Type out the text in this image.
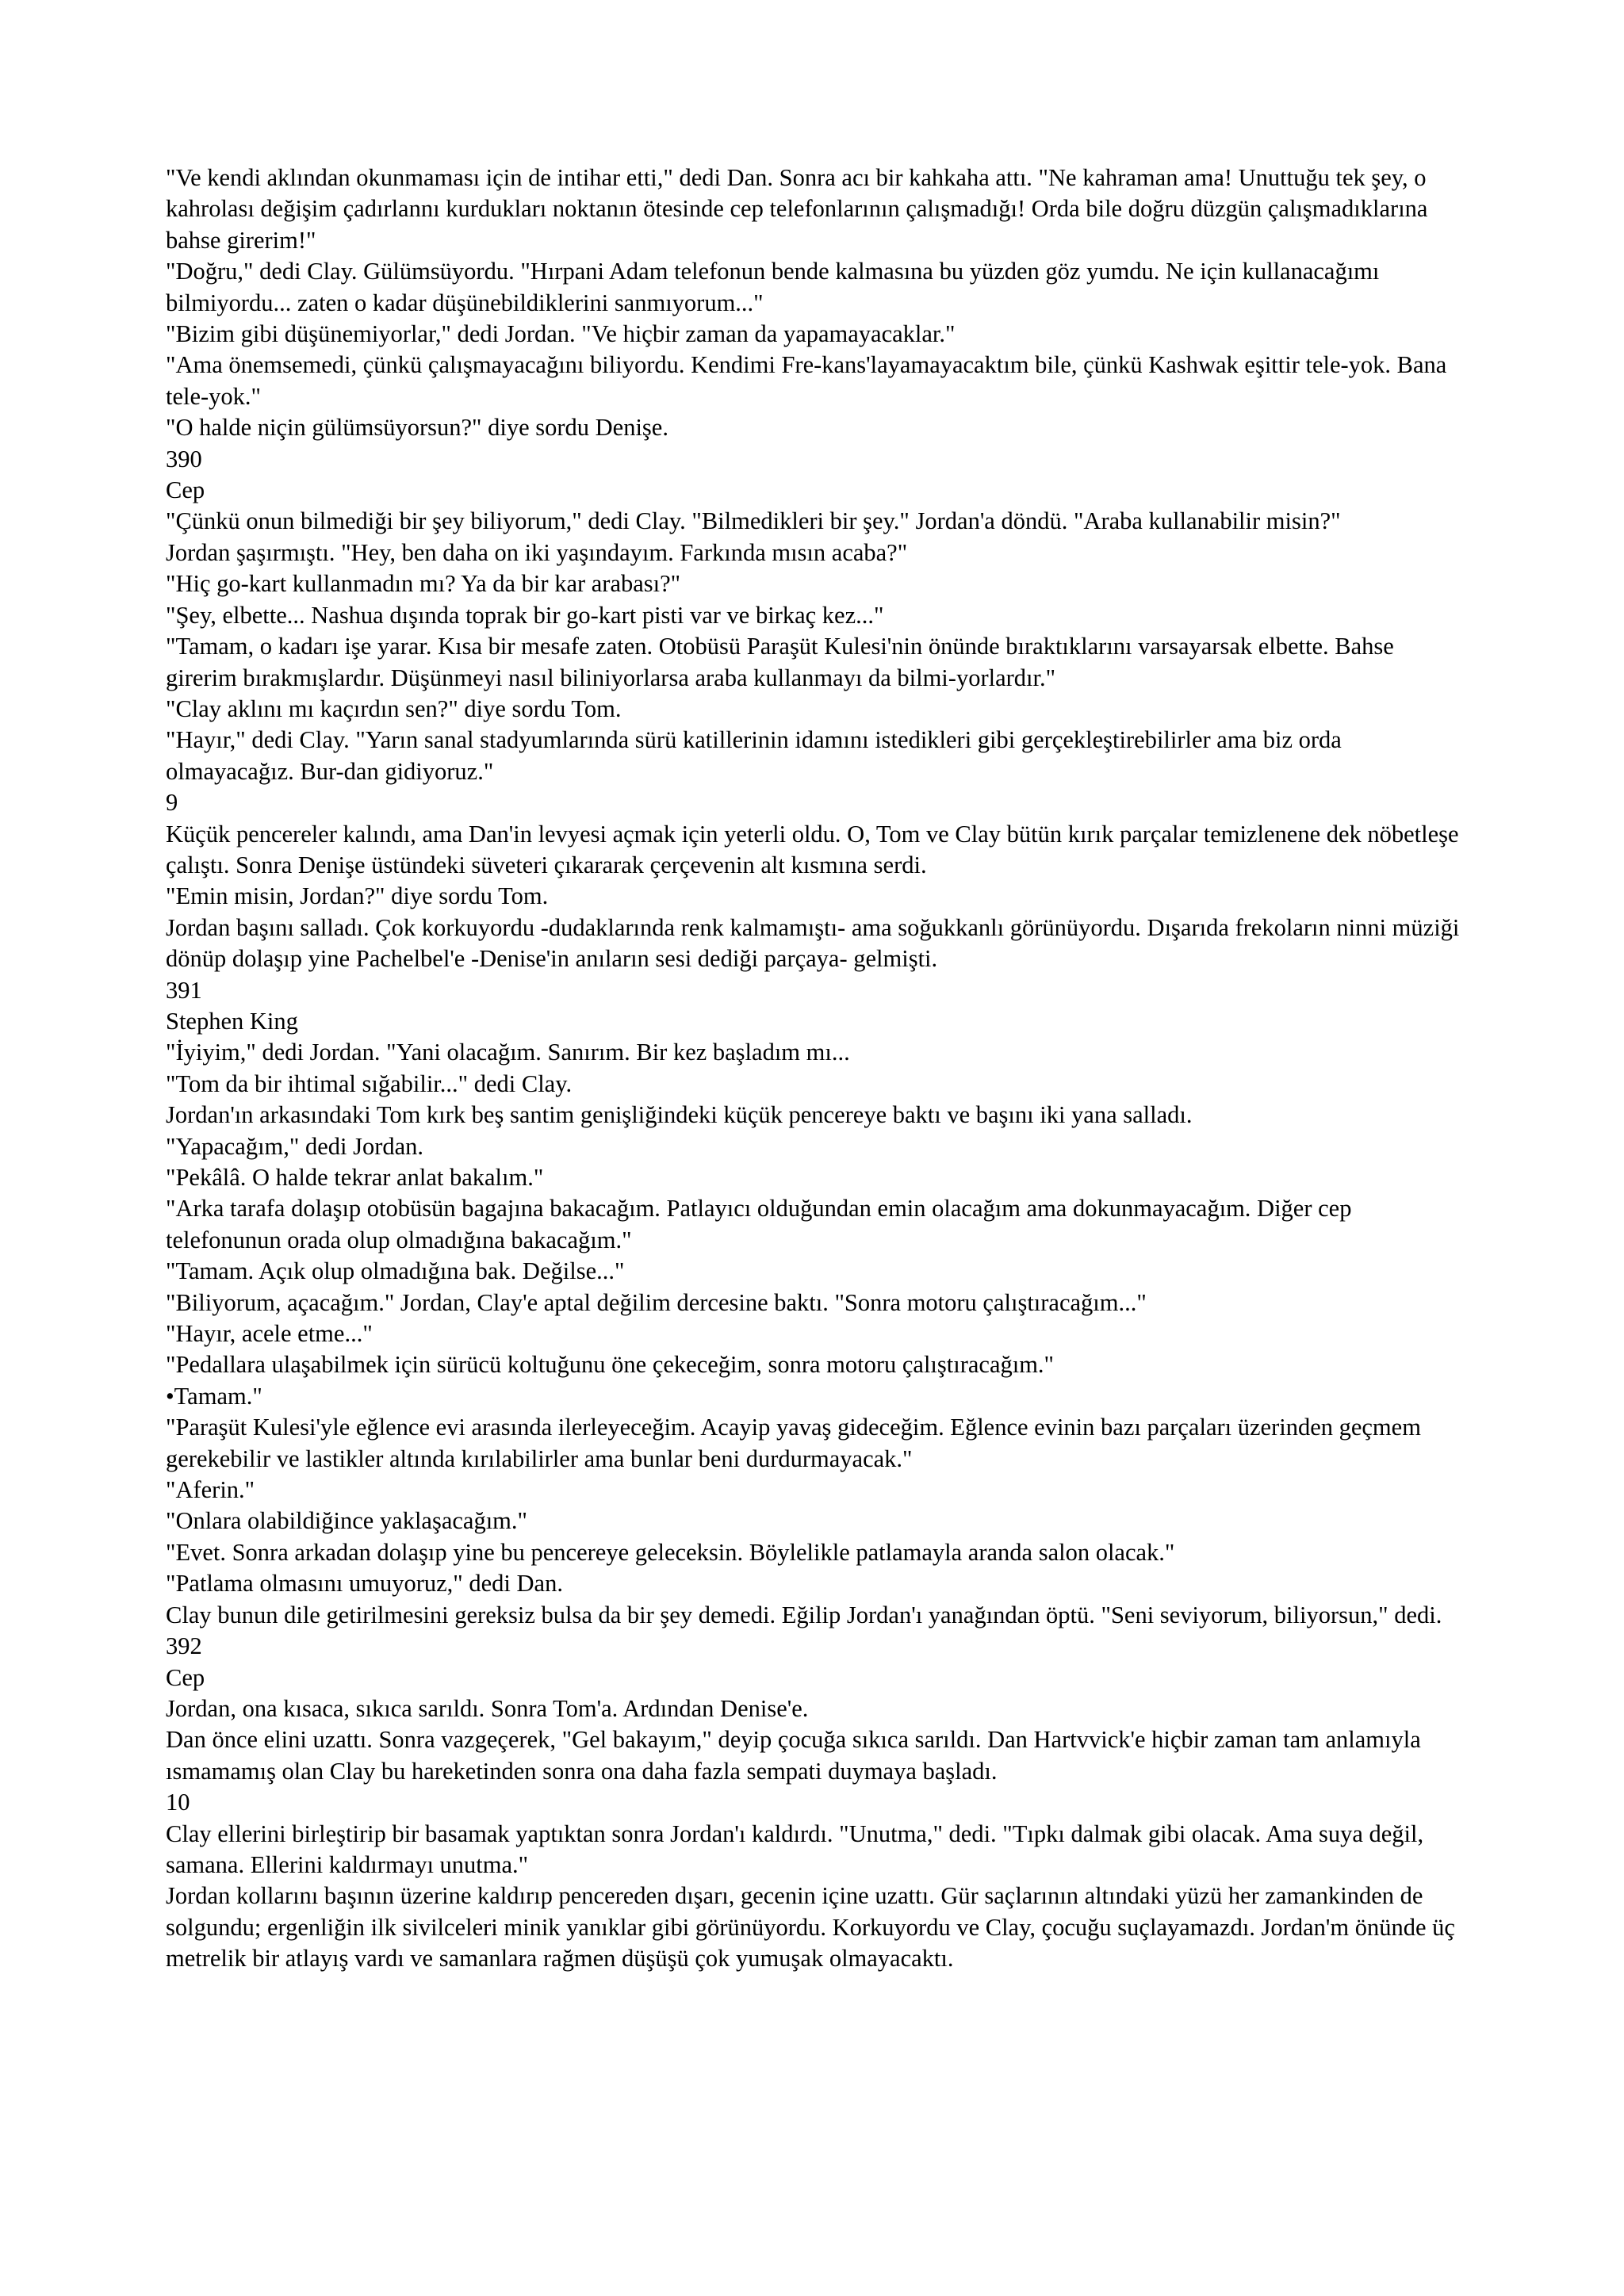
"Ve kendi aklından okunmaması için de intihar etti," dedi Dan. Sonra acı bir kahkaha attı. "Ne kahraman ama! Unuttuğu tek şey, o kahrolası değişim çadırlannı kurdukları noktanın ötesinde cep telefonlarının çalışmadığı! Orda bile doğru düzgün çalışmadıklarına bahse girerim!"
"Doğru," dedi Clay. Gülümsüyordu. "Hırpani Adam telefonun bende kalmasına bu yüzden göz yumdu. Ne için kullanacağımı bilmiyordu... zaten o kadar düşünebildiklerini sanmıyorum..."
"Bizim gibi düşünemiyorlar," dedi Jordan. "Ve hiçbir zaman da yapamayacaklar."
"Ama önemsemedi, çünkü çalışmayacağını biliyordu. Kendimi Fre-kans'layamayacaktım bile, çünkü Kashwak eşittir tele-yok. Bana tele-yok."
"O halde niçin gülümsüyorsun?" diye sordu Denişe.
390
Cep
"Çünkü onun bilmediği bir şey biliyorum," dedi Clay. "Bilmedikleri bir şey." Jordan'a döndü. "Araba kullanabilir misin?"
Jordan şaşırmıştı. "Hey, ben daha on iki yaşındayım. Farkında mısın acaba?"
"Hiç go-kart kullanmadın mı? Ya da bir kar arabası?"
"Şey, elbette... Nashua dışında toprak bir go-kart pisti var ve birkaç kez..."
"Tamam, o kadarı işe yarar. Kısa bir mesafe zaten. Otobüsü Paraşüt Kulesi'nin önünde bıraktıklarını varsayarsak elbette. Bahse girerim bırakmışlardır. Düşünmeyi nasıl biliniyorlarsa araba kullanmayı da bilmi-yorlardır."
"Clay aklını mı kaçırdın sen?" diye sordu Tom.
"Hayır," dedi Clay. "Yarın sanal stadyumlarında sürü katillerinin idamını istedikleri gibi gerçekleştirebilirler ama biz orda olmayacağız. Bur-dan gidiyoruz."
9
Küçük pencereler kalındı, ama Dan'in levyesi açmak için yeterli oldu. O, Tom ve Clay bütün kırık parçalar temizlenene dek nöbetleşe çalıştı. Sonra Denişe üstündeki süveteri çıkararak çerçevenin alt kısmına serdi.
"Emin misin, Jordan?" diye sordu Tom.
Jordan başını salladı. Çok korkuyordu -dudaklarında renk kalmamıştı- ama soğukkanlı görünüyordu. Dışarıda frekoların ninni müziği dönüp dolaşıp yine Pachelbel'e -Denise'in anıların sesi dediği parçaya- gelmişti.
391
Stephen King
"İyiyim," dedi Jordan. "Yani olacağım. Sanırım. Bir kez başladım mı...
"Tom da bir ihtimal sığabilir..." dedi Clay.
Jordan'ın arkasındaki Tom kırk beş santim genişliğindeki küçük pencereye baktı ve başını iki yana salladı.
"Yapacağım," dedi Jordan.
"Pekâlâ. O halde tekrar anlat bakalım."
"Arka tarafa dolaşıp otobüsün bagajına bakacağım. Patlayıcı olduğundan emin olacağım ama dokunmayacağım. Diğer cep telefonunun orada olup olmadığına bakacağım."
"Tamam. Açık olup olmadığına bak. Değilse..."
"Biliyorum, açacağım." Jordan, Clay'e aptal değilim dercesine baktı. "Sonra motoru çalıştıracağım..."
"Hayır, acele etme..."
"Pedallara ulaşabilmek için sürücü koltuğunu öne çekeceğim, sonra motoru çalıştıracağım."
•Tamam."
"Paraşüt Kulesi'yle eğlence evi arasında ilerleyeceğim. Acayip yavaş gideceğim. Eğlence evinin bazı parçaları üzerinden geçmem gerekebilir ve lastikler altında kırılabilirler ama bunlar beni durdurmayacak."
"Aferin."
"Onlara olabildiğince yaklaşacağım."
"Evet. Sonra arkadan dolaşıp yine bu pencereye geleceksin. Böylelikle patlamayla aranda salon olacak."
"Patlama olmasını umuyoruz," dedi Dan.
Clay bunun dile getirilmesini gereksiz bulsa da bir şey demedi. Eğilip Jordan'ı yanağından öptü. "Seni seviyorum, biliyorsun," dedi.
392
Cep
Jordan, ona kısaca, sıkıca sarıldı. Sonra Tom'a. Ardından Denise'e.
Dan önce elini uzattı. Sonra vazgeçerek, "Gel bakayım," deyip çocuğa sıkıca sarıldı. Dan Hartvvick'e hiçbir zaman tam anlamıyla ısmamamış olan Clay bu hareketinden sonra ona daha fazla sempati duymaya başladı.
10
Clay ellerini birleştirip bir basamak yaptıktan sonra Jordan'ı kaldırdı. "Unutma," dedi. "Tıpkı dalmak gibi olacak. Ama suya değil, samana. Ellerini kaldırmayı unutma."
Jordan kollarını başının üzerine kaldırıp pencereden dışarı, gecenin içine uzattı. Gür saçlarının altındaki yüzü her zamankinden de solgundu; ergenliğin ilk sivilceleri minik yanıklar gibi görünüyordu. Korkuyordu ve Clay, çocuğu suçlayamazdı. Jordan'm önünde üç metrelik bir atlayış vardı ve samanlara rağmen düşüşü çok yumuşak olmayacaktı.
